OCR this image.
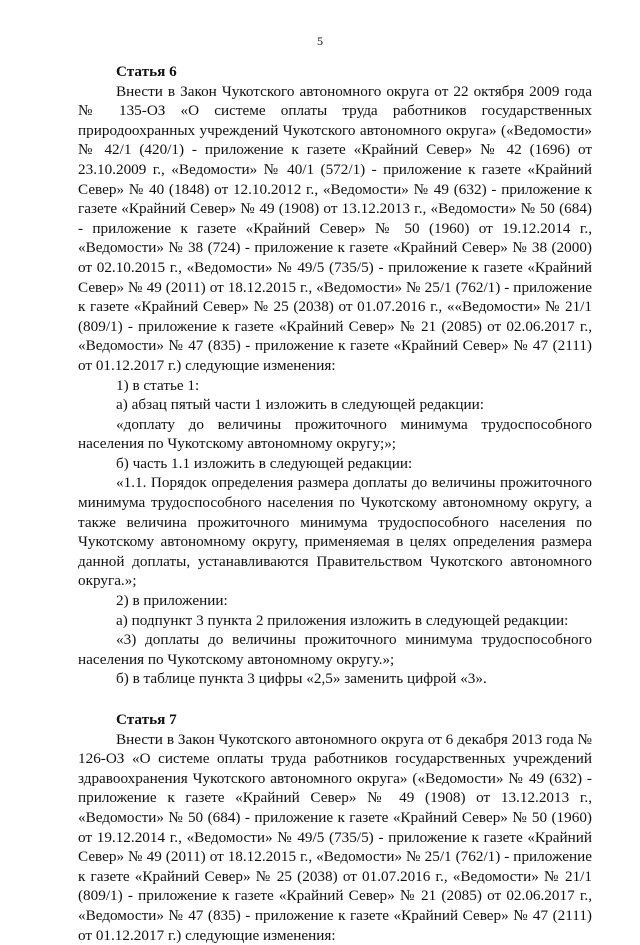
5

Статья 6

Внести в Закон Чукотского автономного округа от 22 октября 2009 года № 135-ОЗ «О системе оплаты труда работников государственных природоохранных учреждений Чукотского автономного округа» («Ведомости» № 42/1 (420/1) - приложение к газете «Крайний Север» № 42 (1696) от 23.10.2009 г., «Ведомости» № 40/1 (572/1) - приложение к газете «Крайний Север» № 40 (1848) от 12.10.2012 г., «Ведомости» № 49 (632) - приложение к газете «Крайний Север» № 49 (1908) от 13.12.2013 г., «Ведомости» № 50 (684) - приложение к газете «Крайний Север» № 50 (1960) от 19.12.2014 г., «Ведомости» № 38 (724) - приложение к газете «Крайний Север» № 38 (2000) от 02.10.2015 г., «Ведомости» № 49/5 (735/5) - приложение к газете «Крайний Север» № 49 (2011) от 18.12.2015 г., «Ведомости» № 25/1 (762/1) - приложение к газете «Крайний Север» № 25 (2038) от 01.07.2016 г., ««Ведомости» № 21/1 (809/1) - приложение к газете «Крайний Север» № 21 (2085) от 02.06.2017 г., «Ведомости» № 47 (835) - приложение к газете «Крайний Север» № 47 (2111) от 01.12.2017 г.) следующие изменения:

1) в статье 1:

а) абзац пятый части 1 изложить в следующей редакции:

«доплату до величины прожиточного минимума трудоспособного населения по Чукотскому автономному округу;»;

б) часть 1.1 изложить в следующей редакции:

«1.1. Порядок определения размера доплаты до величины прожиточного минимума трудоспособного населения по Чукотскому автономному округу, а также величина прожиточного минимума трудоспособного населения по Чукотскому автономному округу, применяемая в целях определения размера данной доплаты, устанавливаются Правительством Чукотского автономного округа.»;

2) в приложении:

а) подпункт 3 пункта 2 приложения изложить в следующей редакции:

«3) доплаты до величины прожиточного минимума трудоспособного населения по Чукотскому автономному округу.»;

б) в таблице пункта 3 цифры «2,5» заменить цифрой «3».

Статья 7

Внести в Закон Чукотского автономного округа от 6 декабря 2013 года № 126-ОЗ «О системе оплаты труда работников государственных учреждений здравоохранения Чукотского автономного округа» («Ведомости» № 49 (632) - приложение к газете «Крайний Север» № 49 (1908) от 13.12.2013 г., «Ведомости» № 50 (684) - приложение к газете «Крайний Север» № 50 (1960) от 19.12.2014 г., «Ведомости» № 49/5 (735/5) - приложение к газете «Крайний Север» № 49 (2011) от 18.12.2015 г., «Ведомости» № 25/1 (762/1) - приложение к газете «Крайний Север» № 25 (2038) от 01.07.2016 г., «Ведомости» № 21/1 (809/1) - приложение к газете «Крайний Север» № 21 (2085) от 02.06.2017 г., «Ведомости» № 47 (835) - приложение к газете «Крайний Север» № 47 (2111) от 01.12.2017 г.) следующие изменения:
